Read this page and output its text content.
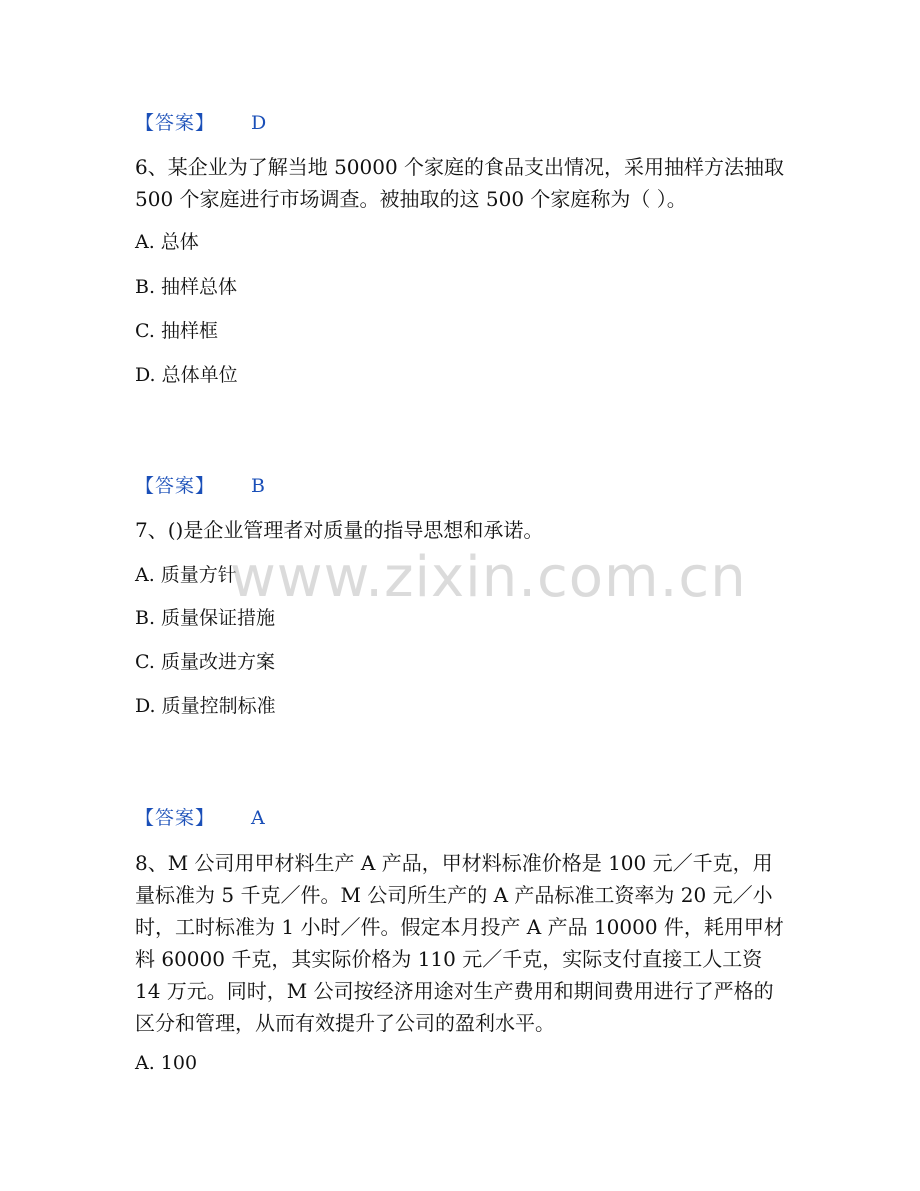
【答案】 D

6、某企业为了解当地 50000 个家庭的食品支出情况，采用抽样方法抽取 500 个家庭进行市场调查。被抽取的这 500 个家庭称为（ ）。

A. 总体
B. 抽样总体
C. 抽样框
D. 总体单位
【答案】 B

7、()是企业管理者对质量的指导思想和承诺。

A. 质量方针
B. 质量保证措施
C. 质量改进方案
D. 质量控制标准
【答案】 A

8、M 公司用甲材料生产 A 产品，甲材料标准价格是 100 元／千克，用量标准为 5 千克／件。M 公司所生产的 A 产品标准工资率为 20 元／小时，工时标准为 1 小时／件。假定本月投产 A 产品 10000 件，耗用甲材料 60000 千克，其实际价格为 110 元／千克，实际支付直接工人工资 14 万元。同时，M 公司按经济用途对生产费用和期间费用进行了严格的区分和管理，从而有效提升了公司的盈利水平。

A. 100
www.zixin.com.cn
